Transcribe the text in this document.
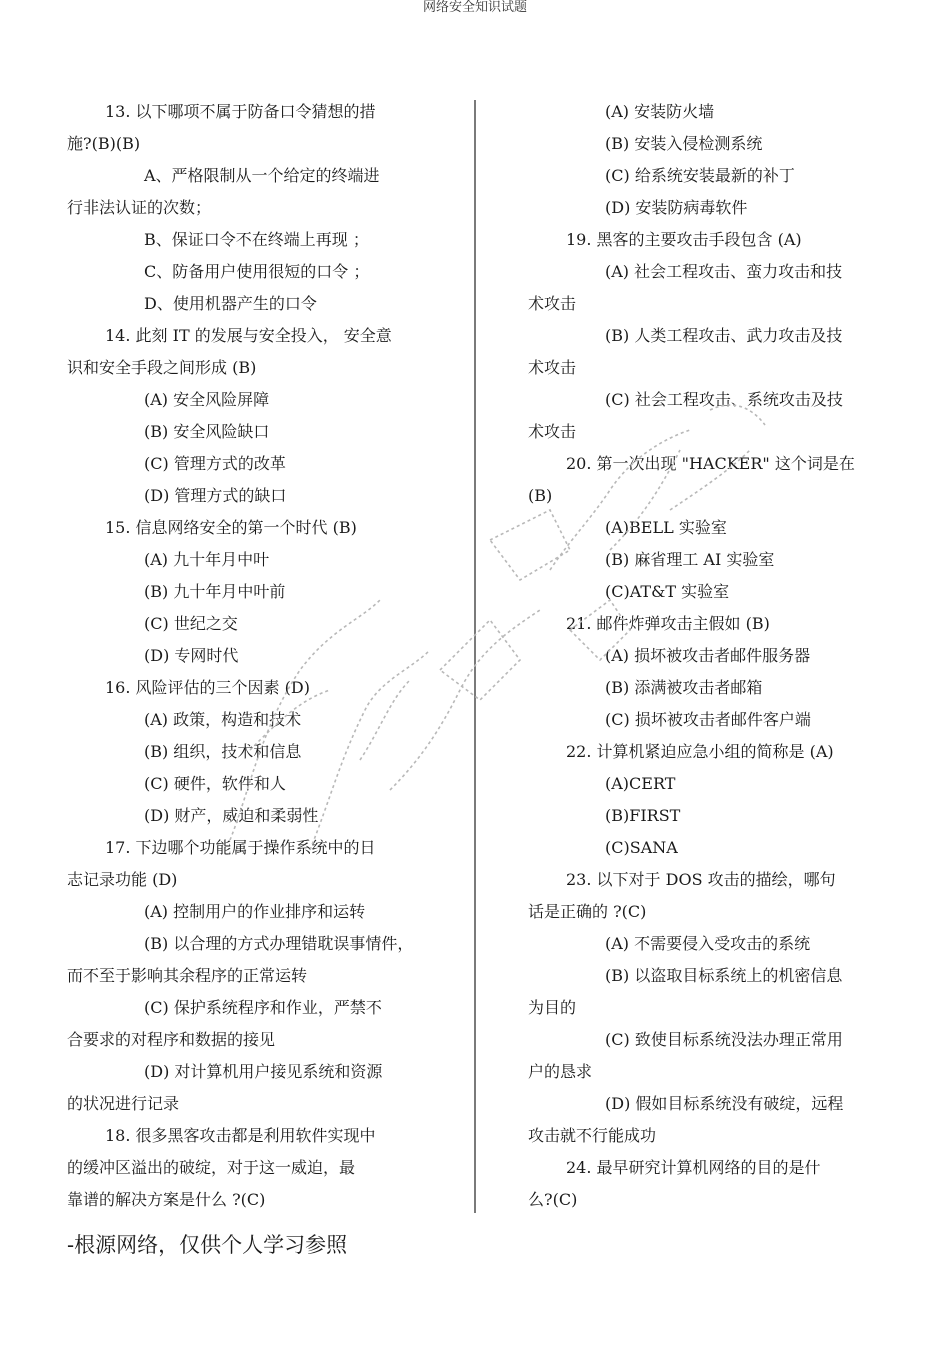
网络安全知识试题
13. 以下哪项不属于防备口令猜想的措
施?(B)(B)
A、严格限制从一个给定的终端进
行非法认证的次数；
B、保证口令不在终端上再现 ；
C、防备用户使用很短的口令 ；
D、使用机器产生的口令
14. 此刻 IT 的发展与安全投入， 安全意
识和安全手段之间形成 (B)
(A) 安全风险屏障
(B) 安全风险缺口
(C) 管理方式的改革
(D) 管理方式的缺口
15. 信息网络安全的第一个时代 (B)
(A) 九十年月中叶
(B) 九十年月中叶前
(C) 世纪之交
(D) 专网时代
16. 风险评估的三个因素 (D)
(A) 政策，构造和技术
(B) 组织，技术和信息
(C) 硬件，软件和人
(D) 财产，威迫和柔弱性
17. 下边哪个功能属于操作系统中的日
志记录功能 (D)
(A) 控制用户的作业排序和运转
(B) 以合理的方式办理错耽误事情件，
而不至于影响其余程序的正常运转
(C) 保护系统程序和作业，严禁不
合要求的对程序和数据的接见
(D) 对计算机用户接见系统和资源
的状况进行记录
18. 很多黑客攻击都是利用软件实现中
的缓冲区溢出的破绽，对于这一威迫，最
靠谱的解决方案是什么 ?(C)
(A) 安装防火墙
(B) 安装入侵检测系统
(C) 给系统安装最新的补丁
(D) 安装防病毒软件
19. 黑客的主要攻击手段包含 (A)
(A) 社会工程攻击、蛮力攻击和技
术攻击
(B) 人类工程攻击、武力攻击及技
术攻击
(C) 社会工程攻击、系统攻击及技
术攻击
20. 第一次出现 "HACKER" 这个词是在
(B)
(A)BELL 实验室
(B) 麻省理工 AI 实验室
(C)AT&T 实验室
21. 邮件炸弹攻击主假如 (B)
(A) 损坏被攻击者邮件服务器
(B) 添满被攻击者邮箱
(C) 损坏被攻击者邮件客户端
22. 计算机紧迫应急小组的简称是 (A)
(A)CERT
(B)FIRST
(C)SANA
23. 以下对于 DOS 攻击的描绘，哪句
话是正确的 ?(C)
(A) 不需要侵入受攻击的系统
(B) 以盗取目标系统上的机密信息
为目的
(C) 致使目标系统没法办理正常用
户的恳求
(D) 假如目标系统没有破绽，远程
攻击就不行能成功
24. 最早研究计算机网络的目的是什
么?(C)
-根源网络，仅供个人学习参照
